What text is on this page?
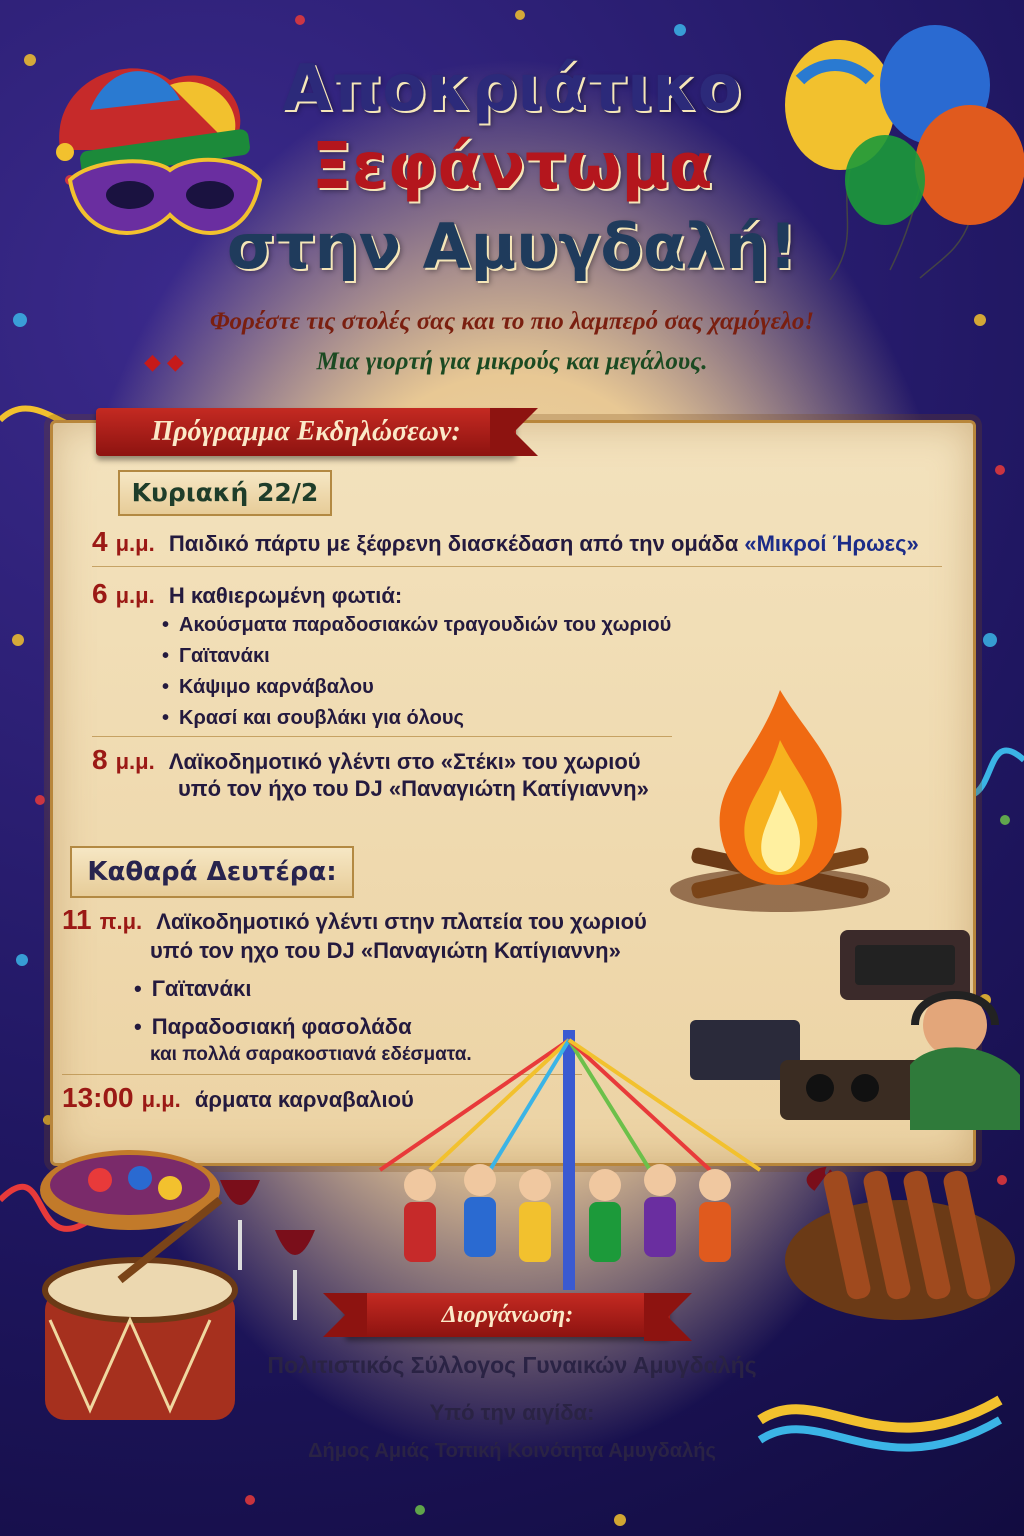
Αποκριάτικο
Ξεφάντωμα
στην Αμυγδαλή!
Φορέστε τις στολές σας και το πιο λαμπερό σας χαμόγελο!
◆◆	Μια γιορτή για μικρούς και μεγάλους.
Πρόγραμμα Εκδηλώσεων:
Κυριακή 22/2
4 μ.μ. Παιδικό πάρτυ με ξέφρενη διασκέδαση από την ομάδα «Μικροί Ήρωες»
6 μ.μ. Η καθιερωμένη φωτιά:
• Ακούσματα παραδοσιακών τραγουδιών του χωριού
• Γαϊτανάκι
• Κάψιμο καρνάβαλου
• Κρασί και σουβλάκι για όλους
8 μ.μ. Λαϊκοδημοτικό γλέντι στο «Στέκι» του χωριού
υπό τον ήχο του DJ «Παναγιώτη Κατίγιαννη»
Καθαρά Δευτέρα:
11 π.μ. Λαϊκοδημοτικό γλέντι στην πλατεία του χωριού
υπό τον ηχο του DJ «Παναγιώτη Κατίγιαννη»
• Γαϊτανάκι
• Παραδοσιακή φασολάδα
και πολλά σαρακοστιανά εδέσματα.
13:00 μ.μ. άρματα καρναβαλιού
Διοργάνωση:
Πολιτιστικός Σύλλογος Γυναικών Αμυγδαλής
Υπό την αιγίδα:
Δήμος Αμιάς Τοπική Κοινότητα Αμυγδαλής
